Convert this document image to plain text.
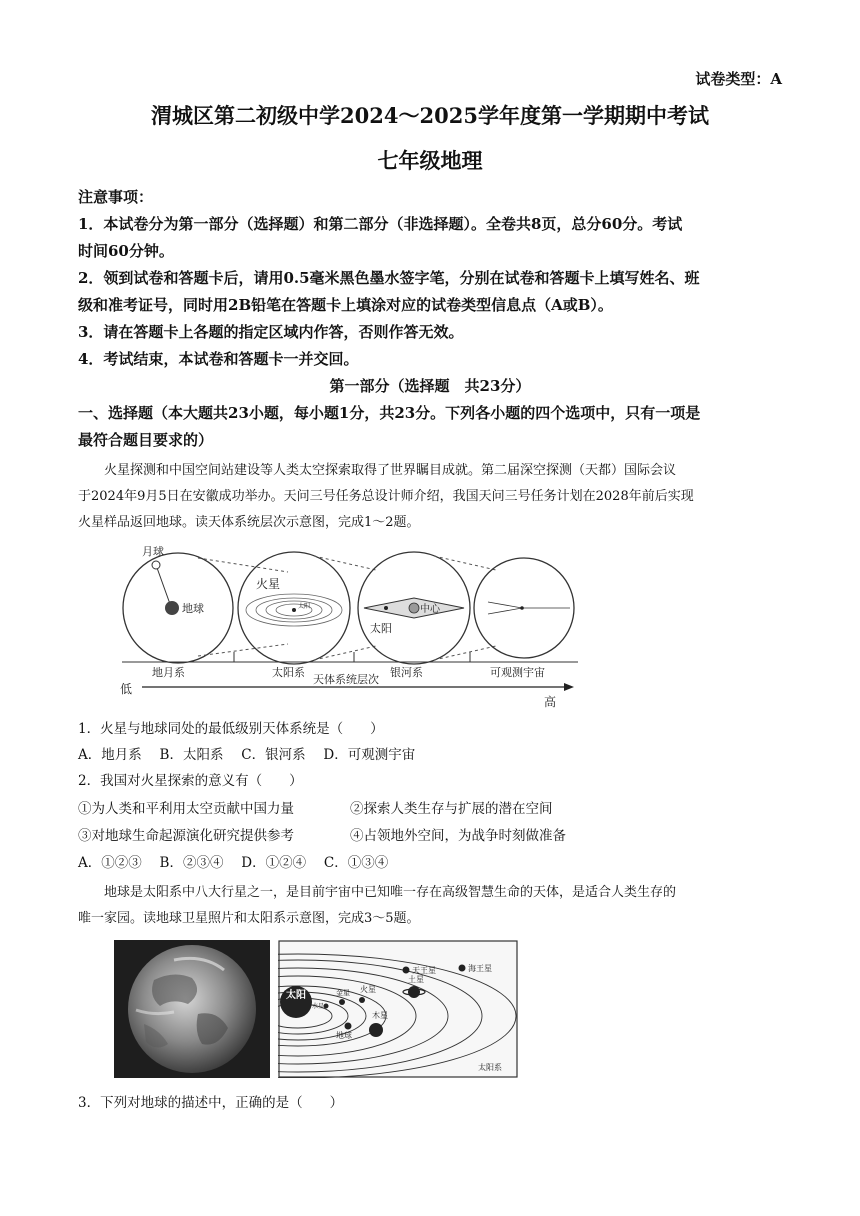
试卷类型：A
渭城区第二初级中学2024～2025学年度第一学期期中考试
七年级地理
注意事项：
1．本试卷分为第一部分（选择题）和第二部分（非选择题）。全卷共8页，总分60分。考试
时间60分钟。
2．领到试卷和答题卡后，请用0.5毫米黑色墨水签字笔，分别在试卷和答题卡上填写姓名、班
级和准考证号，同时用2B铅笔在答题卡上填涂对应的试卷类型信息点（A或B）。
3．请在答题卡上各题的指定区域内作答，否则作答无效。
4．考试结束，本试卷和答题卡一并交回。
第一部分（选择题　共23分）
一、选择题（本大题共23小题，每小题1分，共23分。下列各小题的四个选项中，只有一项是
最符合题目要求的）
火星探测和中国空间站建设等人类太空探索取得了世界瞩目成就。第二届深空探测（天都）国际会议
于2024年9月5日在安徽成功举办。天问三号任务总设计师介绍，我国天问三号任务计划在2028年前后实现
火星样品返回地球。读天体系统层次示意图，完成1～2题。
月球
地球	太阳
火星
中心
太阳
地月系	太阳系	银河系	可观测宇宙
低
天体系统层次
高
1．火星与地球同处的最低级别天体系统是（　　）
A．地月系　 B．太阳系　 C．银河系　 D．可观测宇宙
2．我国对火星探索的意义有（　　）
①为人类和平利用太空贡献中国力量	②探索人类生存与扩展的潜在空间
③对地球生命起源演化研究提供参考	④占领地外空间，为战争时刻做准备
A．①②③　 B．②③④　 D．①②④　 C．①③④
地球是太阳系中八大行星之一，是目前宇宙中已知唯一存在高级智慧生命的天体，是适合人类生存的
唯一家园。读地球卫星照片和太阳系示意图，完成3～5题。
太阳
水星
金星
地球
火星
木星
土星
天王星	海王星
太阳系
3．下列对地球的描述中，正确的是（　　）
